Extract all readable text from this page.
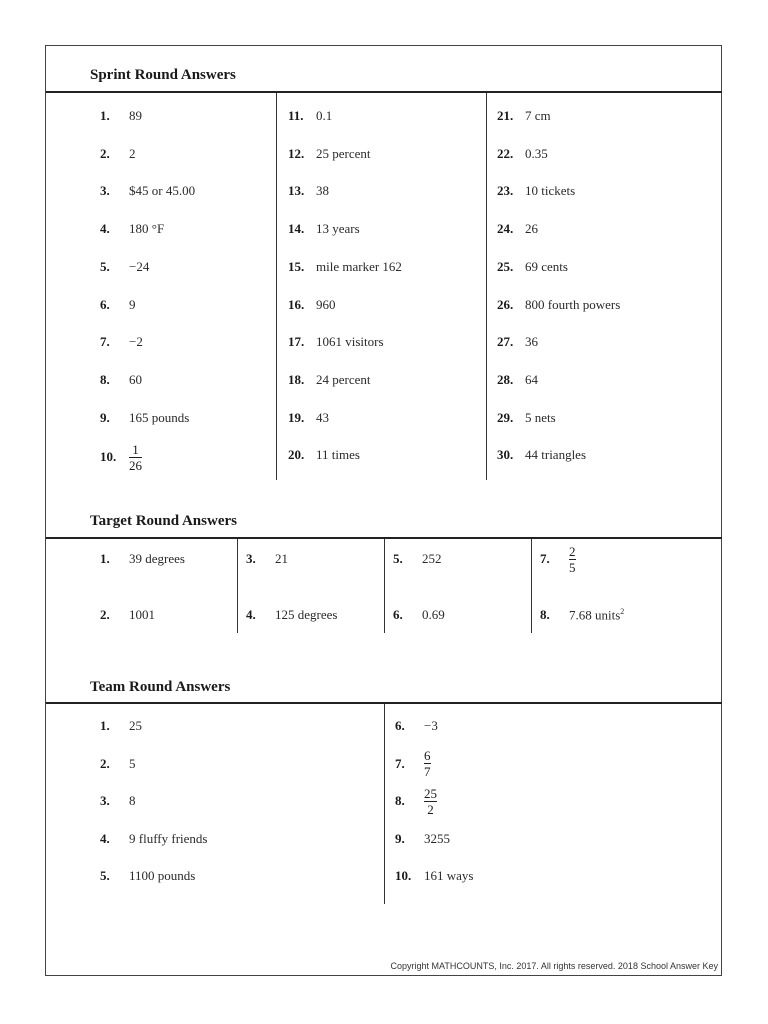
Sprint Round Answers
1.	89
2.	2
3.	$45 or 45.00
4.	180 °F
5.	−24
6.	9
7.	−2
8.	60
9.	165 pounds
10. $\frac{1}{26}$
11. 0.1
12. 25 percent
13. 38
14. 13 years
15. mile marker 162
16. 960
17. 1061 visitors
18. 24 percent
19. 43
20. 11 times
21. 7 cm
22. 0.35
23. 10 tickets
24. 26
25. 69 cents
26. 800 fourth powers
27. 36
28. 64
29. 5 nets
30. 44 triangles
Target Round Answers
1.	39 degrees
2.	1001
3.	21
4.	125 degrees
5.	252
6.	0.69
7.	$\frac{2}{5}$
8.	7.68 units$^2$
Team Round Answers
1.	25
2.	5
3.	8
4.	9 fluffy friends
5.	1100 pounds
6.	−3
7.	$\frac{6}{7}$
8.	$\frac{25}{2}$
9.	3255
10. 161 ways
Copyright MATHCOUNTS, Inc. 2017. All rights reserved. 2018 School Answer Key
